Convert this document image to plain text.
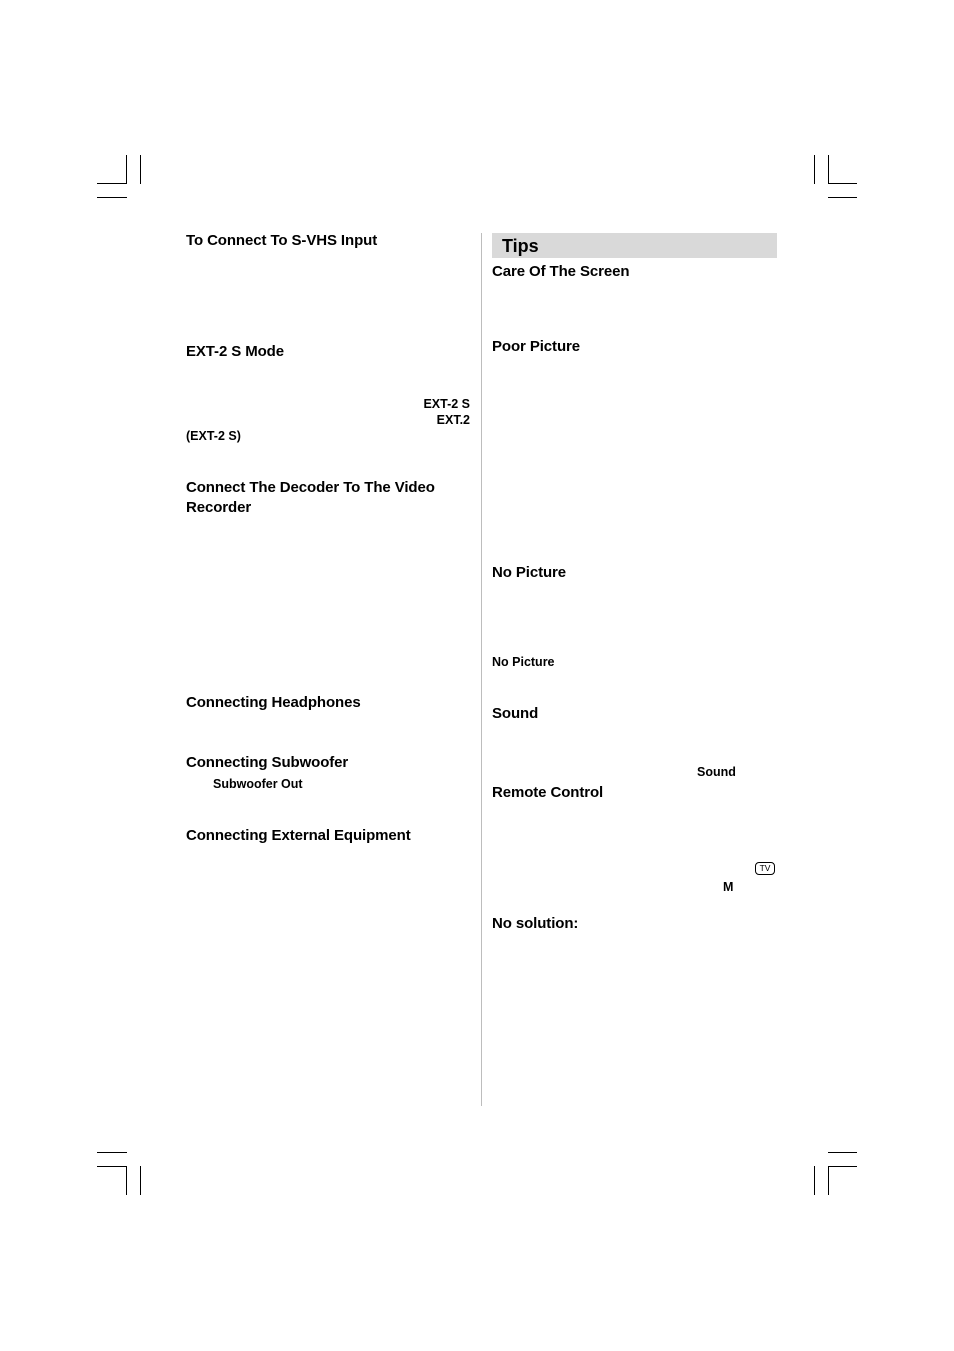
To Connect To S-VHS Input
EXT-2 S Mode
EXT-2 S
EXT.2
(EXT-2 S)
Connect The Decoder To The Video Recorder
Connecting Headphones
Connecting Subwoofer
Subwoofer Out
Connecting External Equipment
Tips
Care Of The Screen
Poor Picture
No Picture
No Picture
Sound
Sound
Remote Control
TV
M
No solution:
